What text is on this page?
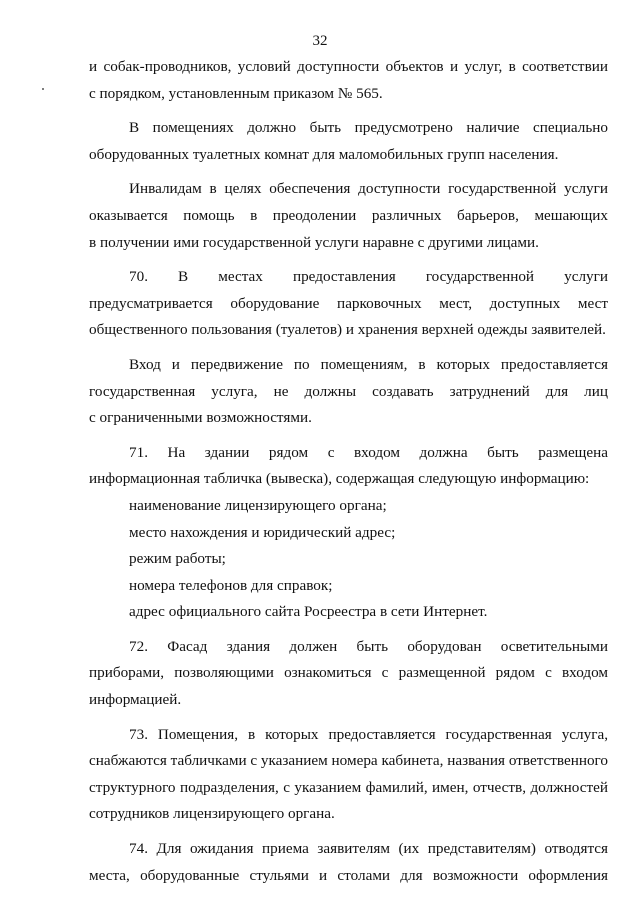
32
и собак-проводников, условий доступности объектов и услуг, в соответствии
с порядком, установленным приказом № 565.
В помещениях должно быть предусмотрено наличие специально
оборудованных туалетных комнат для маломобильных групп населения.
Инвалидам в целях обеспечения доступности государственной услуги
оказывается помощь в преодолении различных барьеров, мешающих
в получении ими государственной услуги наравне с другими лицами.
70. В местах предоставления государственной услуги
предусматривается оборудование парковочных мест, доступных мест
общественного пользования (туалетов) и хранения верхней одежды заявителей.
Вход и передвижение по помещениям, в которых предоставляется
государственная услуга, не должны создавать затруднений для лиц
с ограниченными возможностями.
71. На здании рядом с входом должна быть размещена
информационная табличка (вывеска), содержащая следующую информацию:
наименование лицензирующего органа;
место нахождения и юридический адрес;
режим работы;
номера телефонов для справок;
адрес официального сайта Росреестра в сети Интернет.
72. Фасад здания должен быть оборудован осветительными
приборами, позволяющими ознакомиться с размещенной рядом с входом
информацией.
73. Помещения, в которых предоставляется государственная услуга,
снабжаются табличками с указанием номера кабинета, названия ответственного
структурного подразделения, с указанием фамилий, имен, отчеств, должностей
сотрудников лицензирующего органа.
74. Для ожидания приема заявителям (их представителям) отводятся
места, оборудованные стульями и столами для возможности оформления
